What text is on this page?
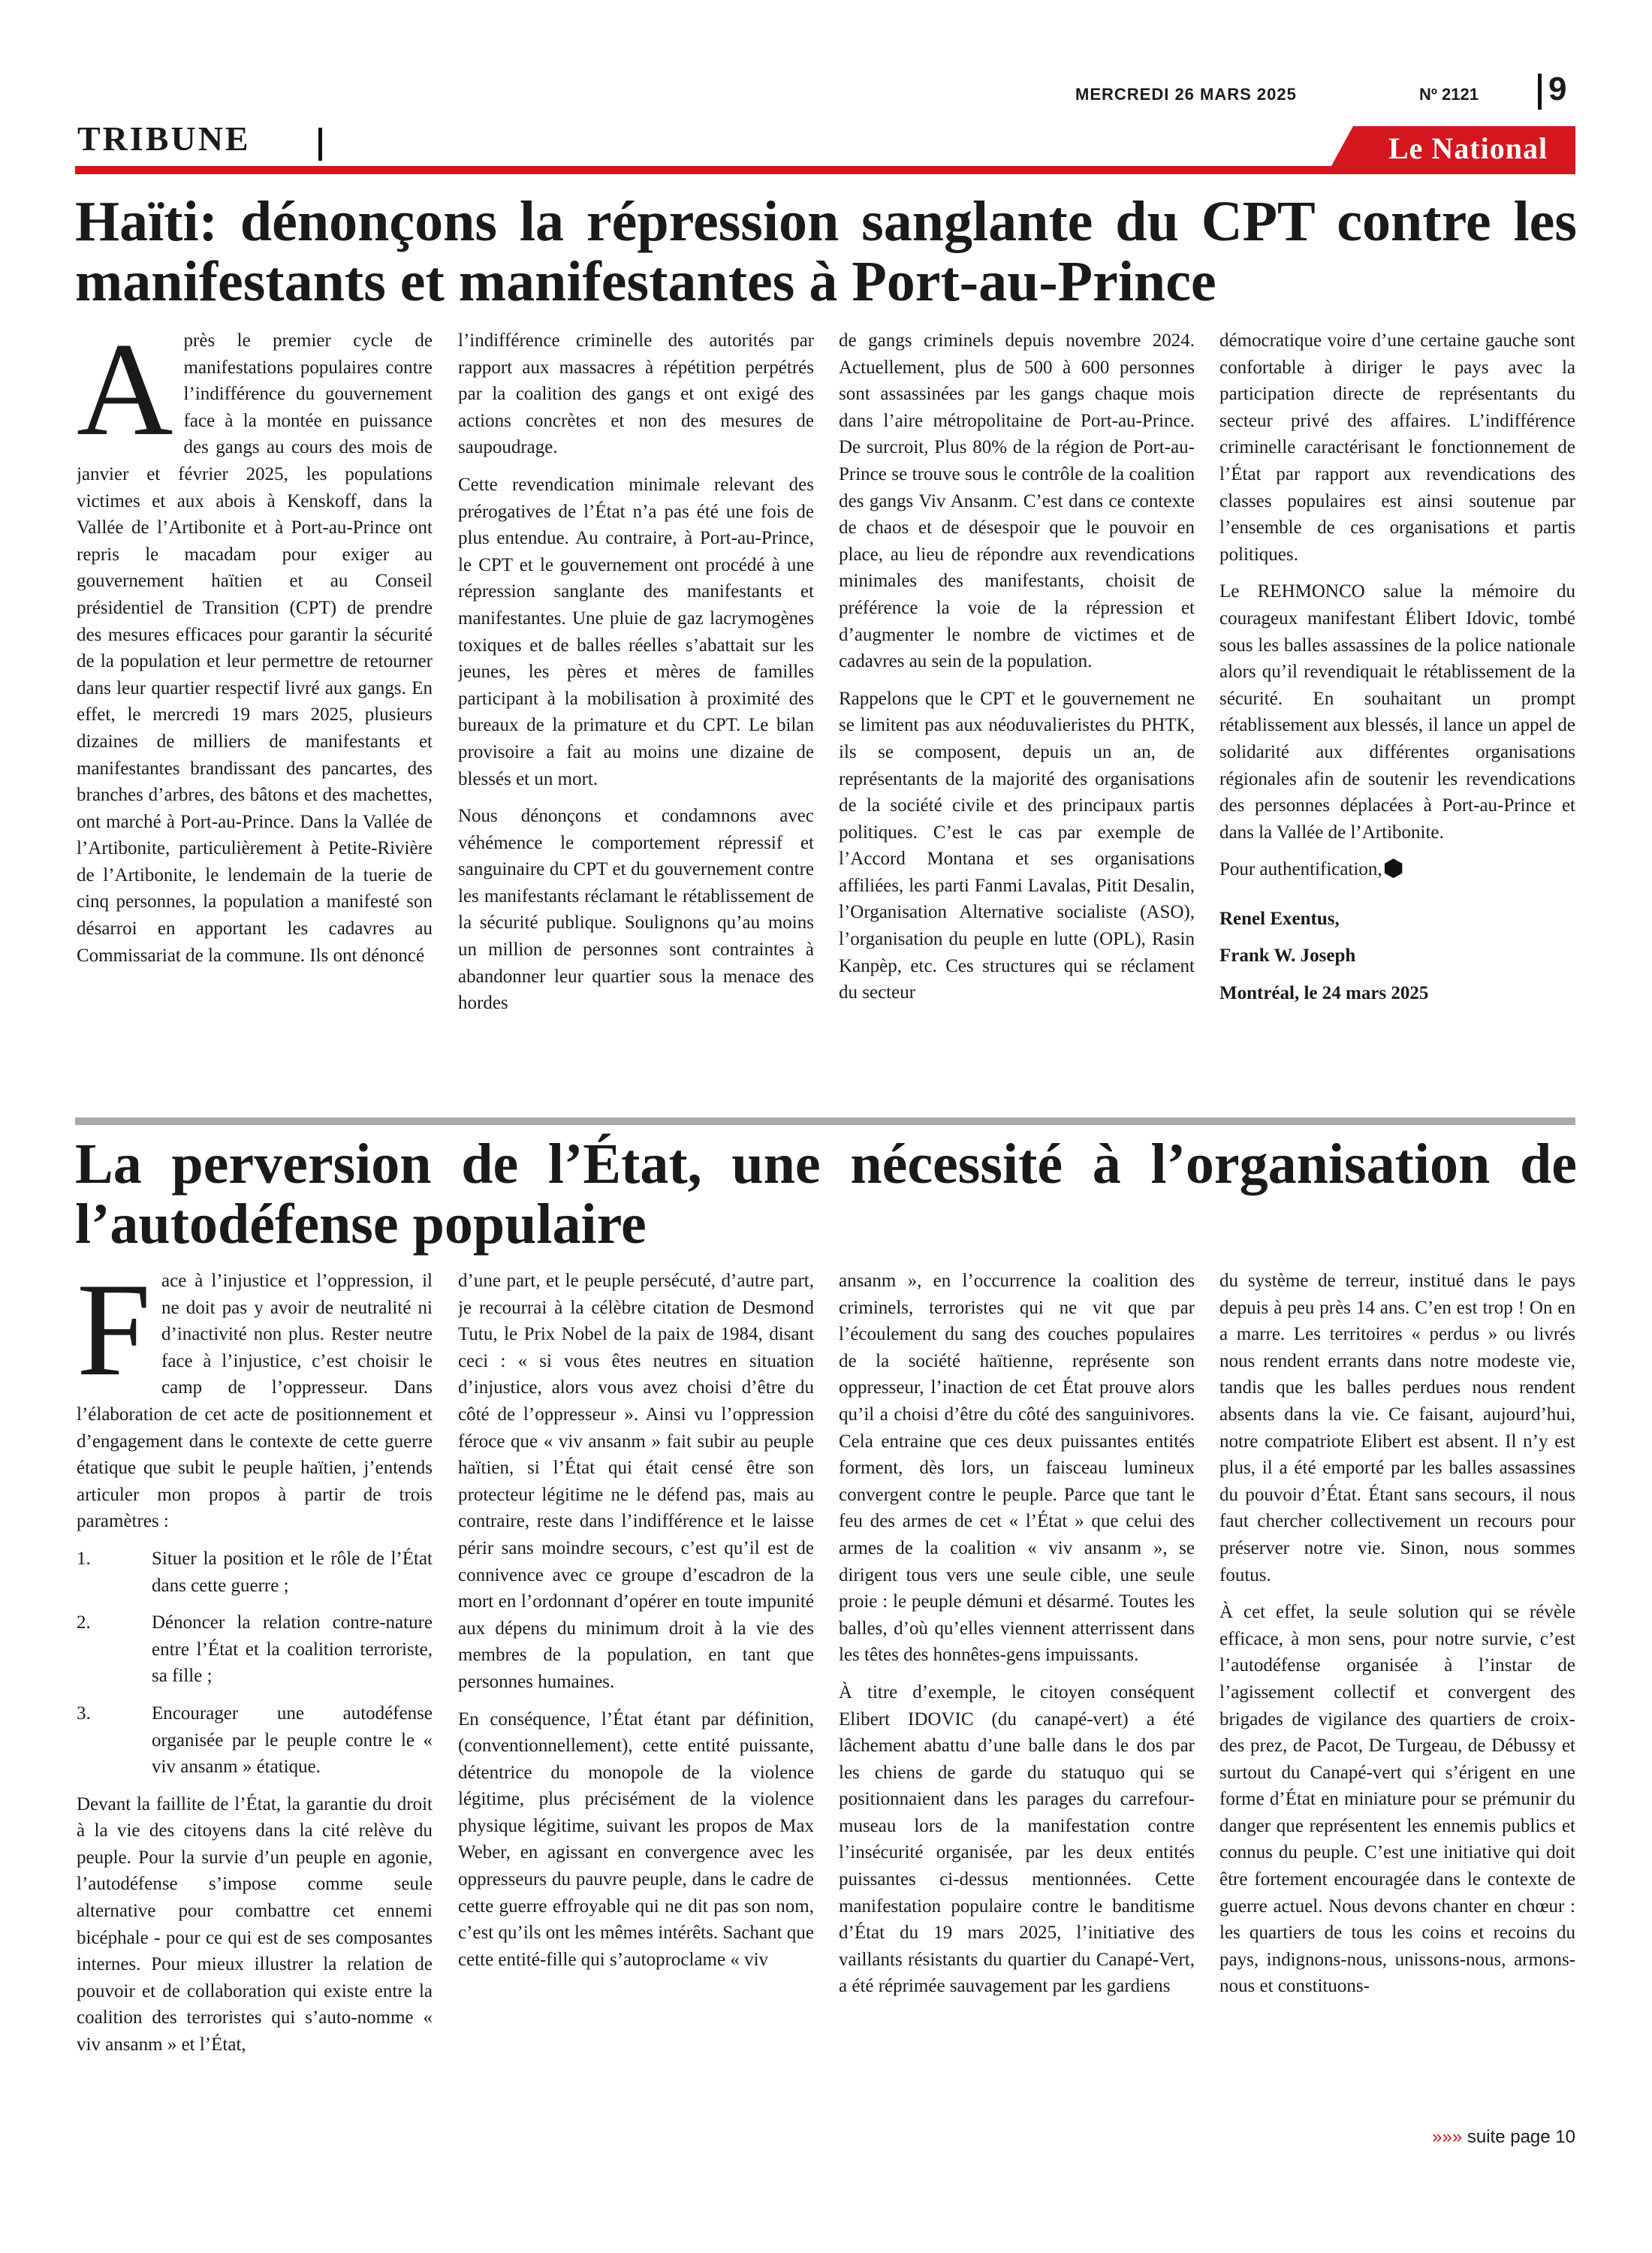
MERCREDI 26 MARS 2025	Nº 2121 9
TRIBUNE	Le National
Haïti: dénonçons la répression sanglante du CPT contre les manifestants et manifestantes à Port-au-Prince

Après le premier cycle de manifestations populaires contre l’indifférence du gouvernement face à la montée en puissance des gangs au cours des mois de janvier et février 2025, les populations victimes et aux abois à Kenskoff, dans la Vallée de l’Artibonite et à Port-au-Prince ont repris le macadam pour exiger au gouvernement haïtien et au Conseil présidentiel de Transition (CPT) de prendre des mesures efficaces pour garantir la sécurité de la population et leur permettre de retourner dans leur quartier respectif livré aux gangs. En effet, le mercredi 19 mars 2025, plusieurs dizaines de milliers de manifestants et manifestantes brandissant des pancartes, des branches d’arbres, des bâtons et des machettes, ont marché à Port-au-Prince. Dans la Vallée de l’Artibonite, particulièrement à Petite-Rivière de l’Artibonite, le lendemain de la tuerie de cinq personnes, la population a manifesté son désarroi en apportant les cadavres au Commissariat de la commune. Ils ont dénoncé

l’indifférence criminelle des autorités par rapport aux massacres à répétition perpétrés par la coalition des gangs et ont exigé des actions concrètes et non des mesures de saupoudrage.

Cette revendication minimale relevant des prérogatives de l’État n’a pas été une fois de plus entendue. Au contraire, à Port-au-Prince, le CPT et le gouvernement ont procédé à une répression sanglante des manifestants et manifestantes. Une pluie de gaz lacrymogènes toxiques et de balles réelles s’abattait sur les jeunes, les pères et mères de familles participant à la mobilisation à proximité des bureaux de la primature et du CPT. Le bilan provisoire a fait au moins une dizaine de blessés et un mort.

Nous dénonçons et condamnons avec véhémence le comportement répressif et sanguinaire du CPT et du gouvernement contre les manifestants réclamant le rétablissement de la sécurité publique. Soulignons qu’au moins un million de personnes sont contraintes à abandonner leur quartier sous la menace des hordes

de gangs criminels depuis novembre 2024. Actuellement, plus de 500 à 600 personnes sont assassinées par les gangs chaque mois dans l’aire métropolitaine de Port-au-Prince. De surcroit, Plus 80% de la région de Port-au-Prince se trouve sous le contrôle de la coalition des gangs Viv Ansanm. C’est dans ce contexte de chaos et de désespoir que le pouvoir en place, au lieu de répondre aux revendications minimales des manifestants, choisit de préférence la voie de la répression et d’augmenter le nombre de victimes et de cadavres au sein de la population.

Rappelons que le CPT et le gouvernement ne se limitent pas aux néoduvalieristes du PHTK, ils se composent, depuis un an, de représentants de la majorité des organisations de la société civile et des principaux partis politiques. C’est le cas par exemple de l’Accord Montana et ses organisations affiliées, les parti Fanmi Lavalas, Pitit Desalin, l’Organisation Alternative socialiste (ASO), l’organisation du peuple en lutte (OPL), Rasin Kanpèp, etc. Ces structures qui se réclament du secteur

démocratique voire d’une certaine gauche sont confortable à diriger le pays avec la participation directe de représentants du secteur privé des affaires. L’indifférence criminelle caractérisant le fonctionnement de l’État par rapport aux revendications des classes populaires est ainsi soutenue par l’ensemble de ces organisations et partis politiques.

Le REHMONCO salue la mémoire du courageux manifestant Élibert Idovic, tombé sous les balles assassines de la police nationale alors qu’il revendiquait le rétablissement de la sécurité. En souhaitant un prompt rétablissement aux blessés, il lance un appel de solidarité aux différentes organisations régionales afin de soutenir les revendications des personnes déplacées à Port-au-Prince et dans la Vallée de l’Artibonite.

Pour authentification,

Renel Exentus,

Frank W. Joseph

Montréal, le 24 mars 2025

La perversion de l’État, une nécessité à l’organisation de l’autodéfense populaire

Face à l’injustice et l’oppression, il ne doit pas y avoir de neutralité ni d’inactivité non plus. Rester neutre face à l’injustice, c’est choisir le camp de l’oppresseur. Dans l’élaboration de cet acte de positionnement et d’engagement dans le contexte de cette guerre étatique que subit le peuple haïtien, j’entends articuler mon propos à partir de trois paramètres :

1.	Situer la position et le rôle de l’État dans cette guerre ;

2.	Dénoncer la relation contre-nature entre l’État et la coalition terroriste, sa fille ;

3.	Encourager une autodéfense organisée par le peuple contre le « viv ansanm » étatique.

Devant la faillite de l’État, la garantie du droit à la vie des citoyens dans la cité relève du peuple. Pour la survie d’un peuple en agonie, l’autodéfense s’impose comme seule alternative pour combattre cet ennemi bicéphale - pour ce qui est de ses composantes internes. Pour mieux illustrer la relation de pouvoir et de collaboration qui existe entre la coalition des terroristes qui s’auto-nomme « viv ansanm » et l’État,

d’une part, et le peuple persécuté, d’autre part, je recourrai à la célèbre citation de Desmond Tutu, le Prix Nobel de la paix de 1984, disant ceci : « si vous êtes neutres en situation d’injustice, alors vous avez choisi d’être du côté de l’oppresseur ». Ainsi vu l’oppression féroce que « viv ansanm » fait subir au peuple haïtien, si l’État qui était censé être son protecteur légitime ne le défend pas, mais au contraire, reste dans l’indifférence et le laisse périr sans moindre secours, c’est qu’il est de connivence avec ce groupe d’escadron de la mort en l’ordonnant d’opérer en toute impunité aux dépens du minimum droit à la vie des membres de la population, en tant que personnes humaines.

En conséquence, l’État étant par définition, (conventionnellement), cette entité puissante, détentrice du monopole de la violence légitime, plus précisément de la violence physique légitime, suivant les propos de Max Weber, en agissant en convergence avec les oppresseurs du pauvre peuple, dans le cadre de cette guerre effroyable qui ne dit pas son nom, c’est qu’ils ont les mêmes intérêts. Sachant que cette entité-fille qui s’autoproclame « viv

ansanm », en l’occurrence la coalition des criminels, terroristes qui ne vit que par l’écoulement du sang des couches populaires de la société haïtienne, représente son oppresseur, l’inaction de cet État prouve alors qu’il a choisi d’être du côté des sanguinivores. Cela entraine que ces deux puissantes entités forment, dès lors, un faisceau lumineux convergent contre le peuple. Parce que tant le feu des armes de cet « l’État » que celui des armes de la coalition « viv ansanm », se dirigent tous vers une seule cible, une seule proie : le peuple démuni et désarmé. Toutes les balles, d’où qu’elles viennent atterrissent dans les têtes des honnêtes-gens impuissants.

À titre d’exemple, le citoyen conséquent Elibert IDOVIC (du canapé-vert) a été lâchement abattu d’une balle dans le dos par les chiens de garde du statuquo qui se positionnaient dans les parages du carrefour-museau lors de la manifestation contre l’insécurité organisée, par les deux entités puissantes ci-dessus mentionnées. Cette manifestation populaire contre le banditisme d’État du 19 mars 2025, l’initiative des vaillants résistants du quartier du Canapé-Vert, a été réprimée sauvagement par les gardiens

du système de terreur, institué dans le pays depuis à peu près 14 ans. C’en est trop ! On en a marre. Les territoires « perdus » ou livrés nous rendent errants dans notre modeste vie, tandis que les balles perdues nous rendent absents dans la vie. Ce faisant, aujourd’hui, notre compatriote Elibert est absent. Il n’y est plus, il a été emporté par les balles assassines du pouvoir d’État. Étant sans secours, il nous faut chercher collectivement un recours pour préserver notre vie. Sinon, nous sommes foutus.

À cet effet, la seule solution qui se révèle efficace, à mon sens, pour notre survie, c’est l’autodéfense organisée à l’instar de l’agissement collectif et convergent des brigades de vigilance des quartiers de croix-des prez, de Pacot, De Turgeau, de Débussy et surtout du Canapé-vert qui s’érigent en une forme d’État en miniature pour se prémunir du danger que représentent les ennemis publics et connus du peuple. C’est une initiative qui doit être fortement encouragée dans le contexte de guerre actuel. Nous devons chanter en chœur : les quartiers de tous les coins et recoins du pays, indignons-nous, unissons-nous, armons-nous et constituons-

»»» suite page 10
